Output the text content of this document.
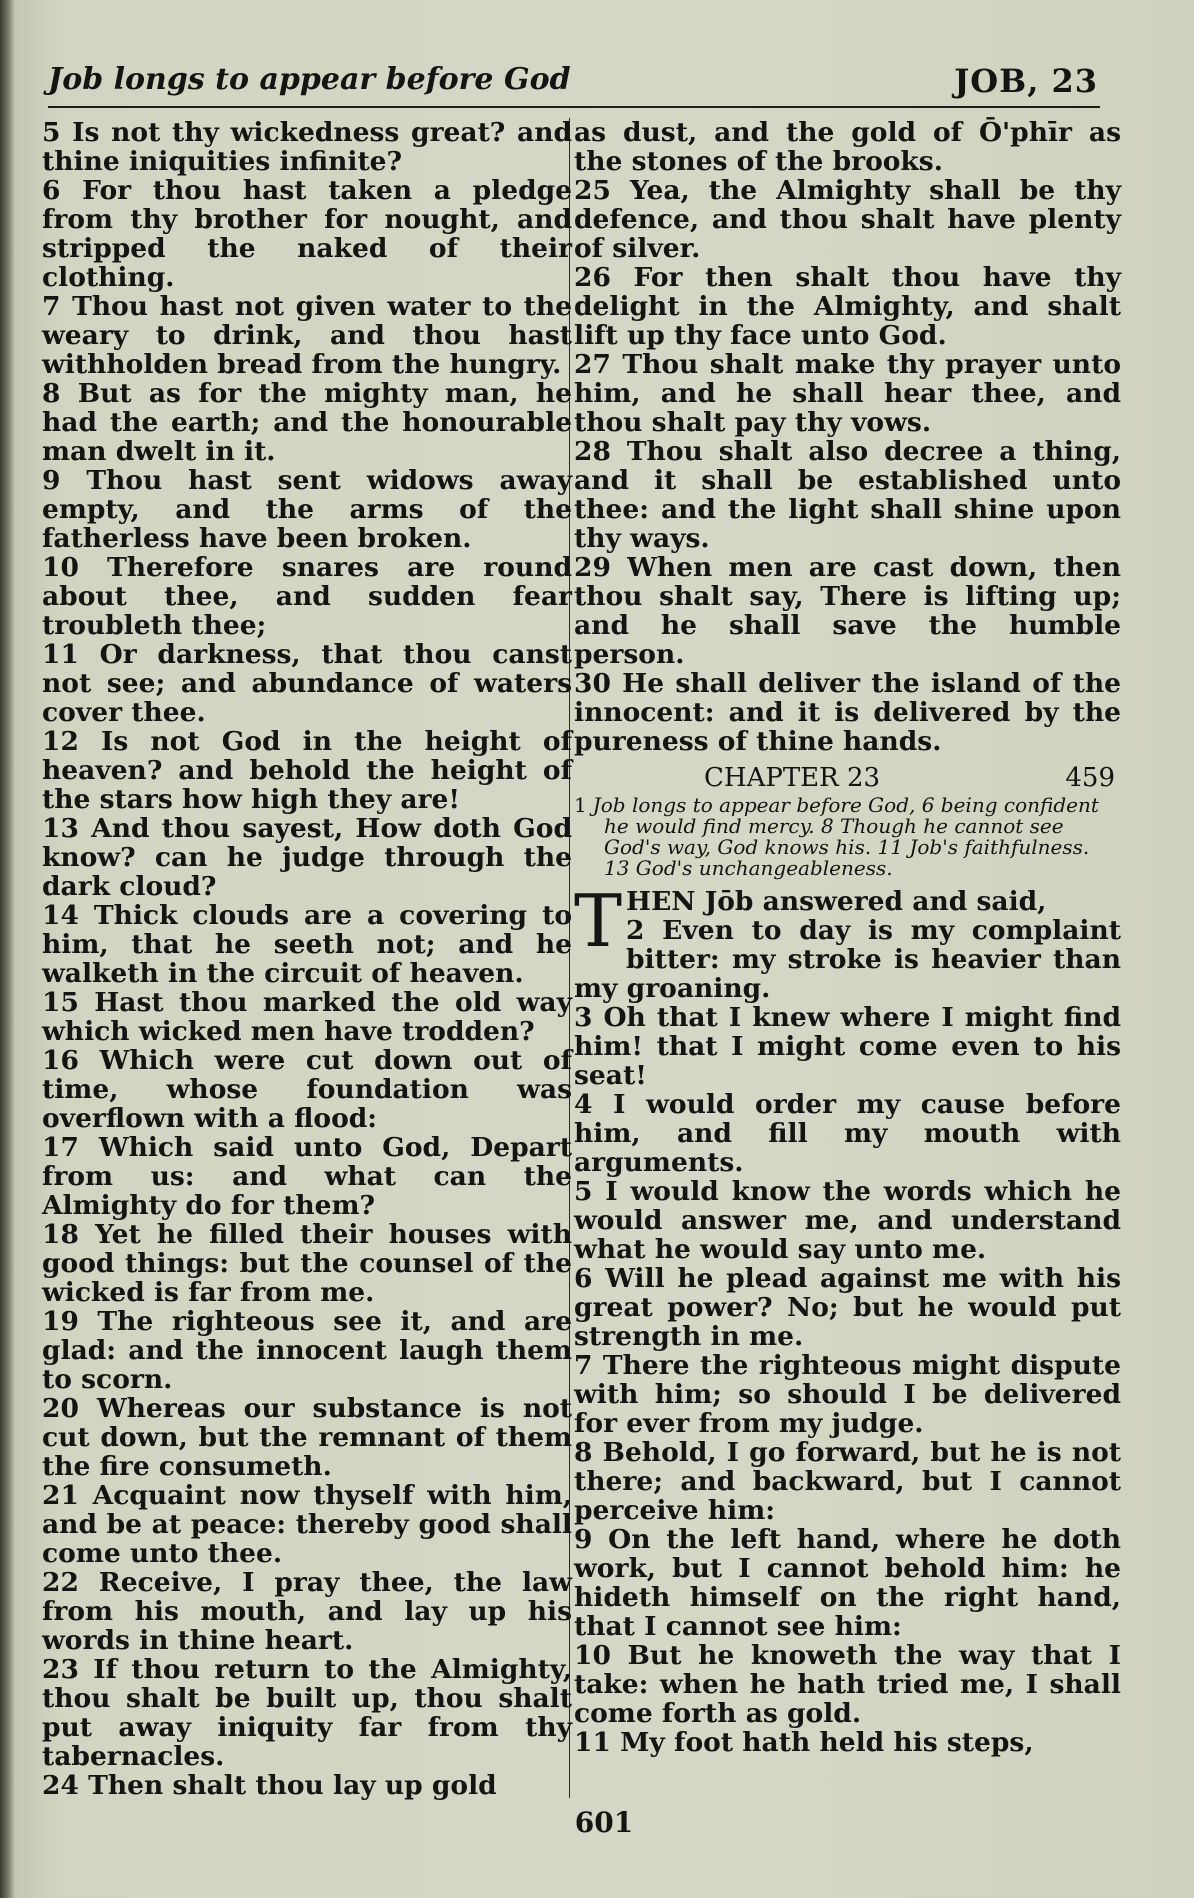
Job longs to appear before God	JOB, 23

5 Is not thy wickedness great? and thine iniquities infinite?

6 For thou hast taken a pledge from thy brother for nought, and stripped the naked of their clothing.

7 Thou hast not given water to the weary to drink, and thou hast withholden bread from the hungry.

8 But as for the mighty man, he had the earth; and the honourable man dwelt in it.

9 Thou hast sent widows away empty, and the arms of the fatherless have been broken.

10 Therefore snares are round about thee, and sudden fear troubleth thee;

11 Or darkness, that thou canst not see; and abundance of waters cover thee.

12 Is not God in the height of heaven? and behold the height of the stars how high they are!

13 And thou sayest, How doth God know? can he judge through the dark cloud?

14 Thick clouds are a covering to him, that he seeth not; and he walketh in the circuit of heaven.

15 Hast thou marked the old way which wicked men have trodden?

16 Which were cut down out of time, whose foundation was overflown with a flood:

17 Which said unto God, Depart from us: and what can the Almighty do for them?

18 Yet he filled their houses with good things: but the counsel of the wicked is far from me.

19 The righteous see it, and are glad: and the innocent laugh them to scorn.

20 Whereas our substance is not cut down, but the remnant of them the fire consumeth.

21 Acquaint now thyself with him, and be at peace: thereby good shall come unto thee.

22 Receive, I pray thee, the law from his mouth, and lay up his words in thine heart.

23 If thou return to the Almighty, thou shalt be built up, thou shalt put away iniquity far from thy tabernacles.

24 Then shalt thou lay up gold

as dust, and the gold of Ō'phīr as the stones of the brooks.

25 Yea, the Almighty shall be thy defence, and thou shalt have plenty of silver.

26 For then shalt thou have thy delight in the Almighty, and shalt lift up thy face unto God.

27 Thou shalt make thy prayer unto him, and he shall hear thee, and thou shalt pay thy vows.

28 Thou shalt also decree a thing, and it shall be established unto thee: and the light shall shine upon thy ways.

29 When men are cast down, then thou shalt say, There is lifting up; and he shall save the humble person.

30 He shall deliver the island of the innocent: and it is delivered by the pureness of thine hands.

CHAPTER 23	459

1 Job longs to appear before God, 6 being confident he would find mercy. 8 Though he cannot see God's way, God knows his. 11 Job's faithfulness. 13 God's unchangeableness.

THEN Jōb answered and said,

2 Even to day is my complaint bitter: my stroke is heavier than my groaning.

3 Oh that I knew where I might find him! that I might come even to his seat!

4 I would order my cause before him, and fill my mouth with arguments.

5 I would know the words which he would answer me, and understand what he would say unto me.

6 Will he plead against me with his great power? No; but he would put strength in me.

7 There the righteous might dispute with him; so should I be delivered for ever from my judge.

8 Behold, I go forward, but he is not there; and backward, but I cannot perceive him:

9 On the left hand, where he doth work, but I cannot behold him: he hideth himself on the right hand, that I cannot see him:

10 But he knoweth the way that I take: when he hath tried me, I shall come forth as gold.

11 My foot hath held his steps,

601
